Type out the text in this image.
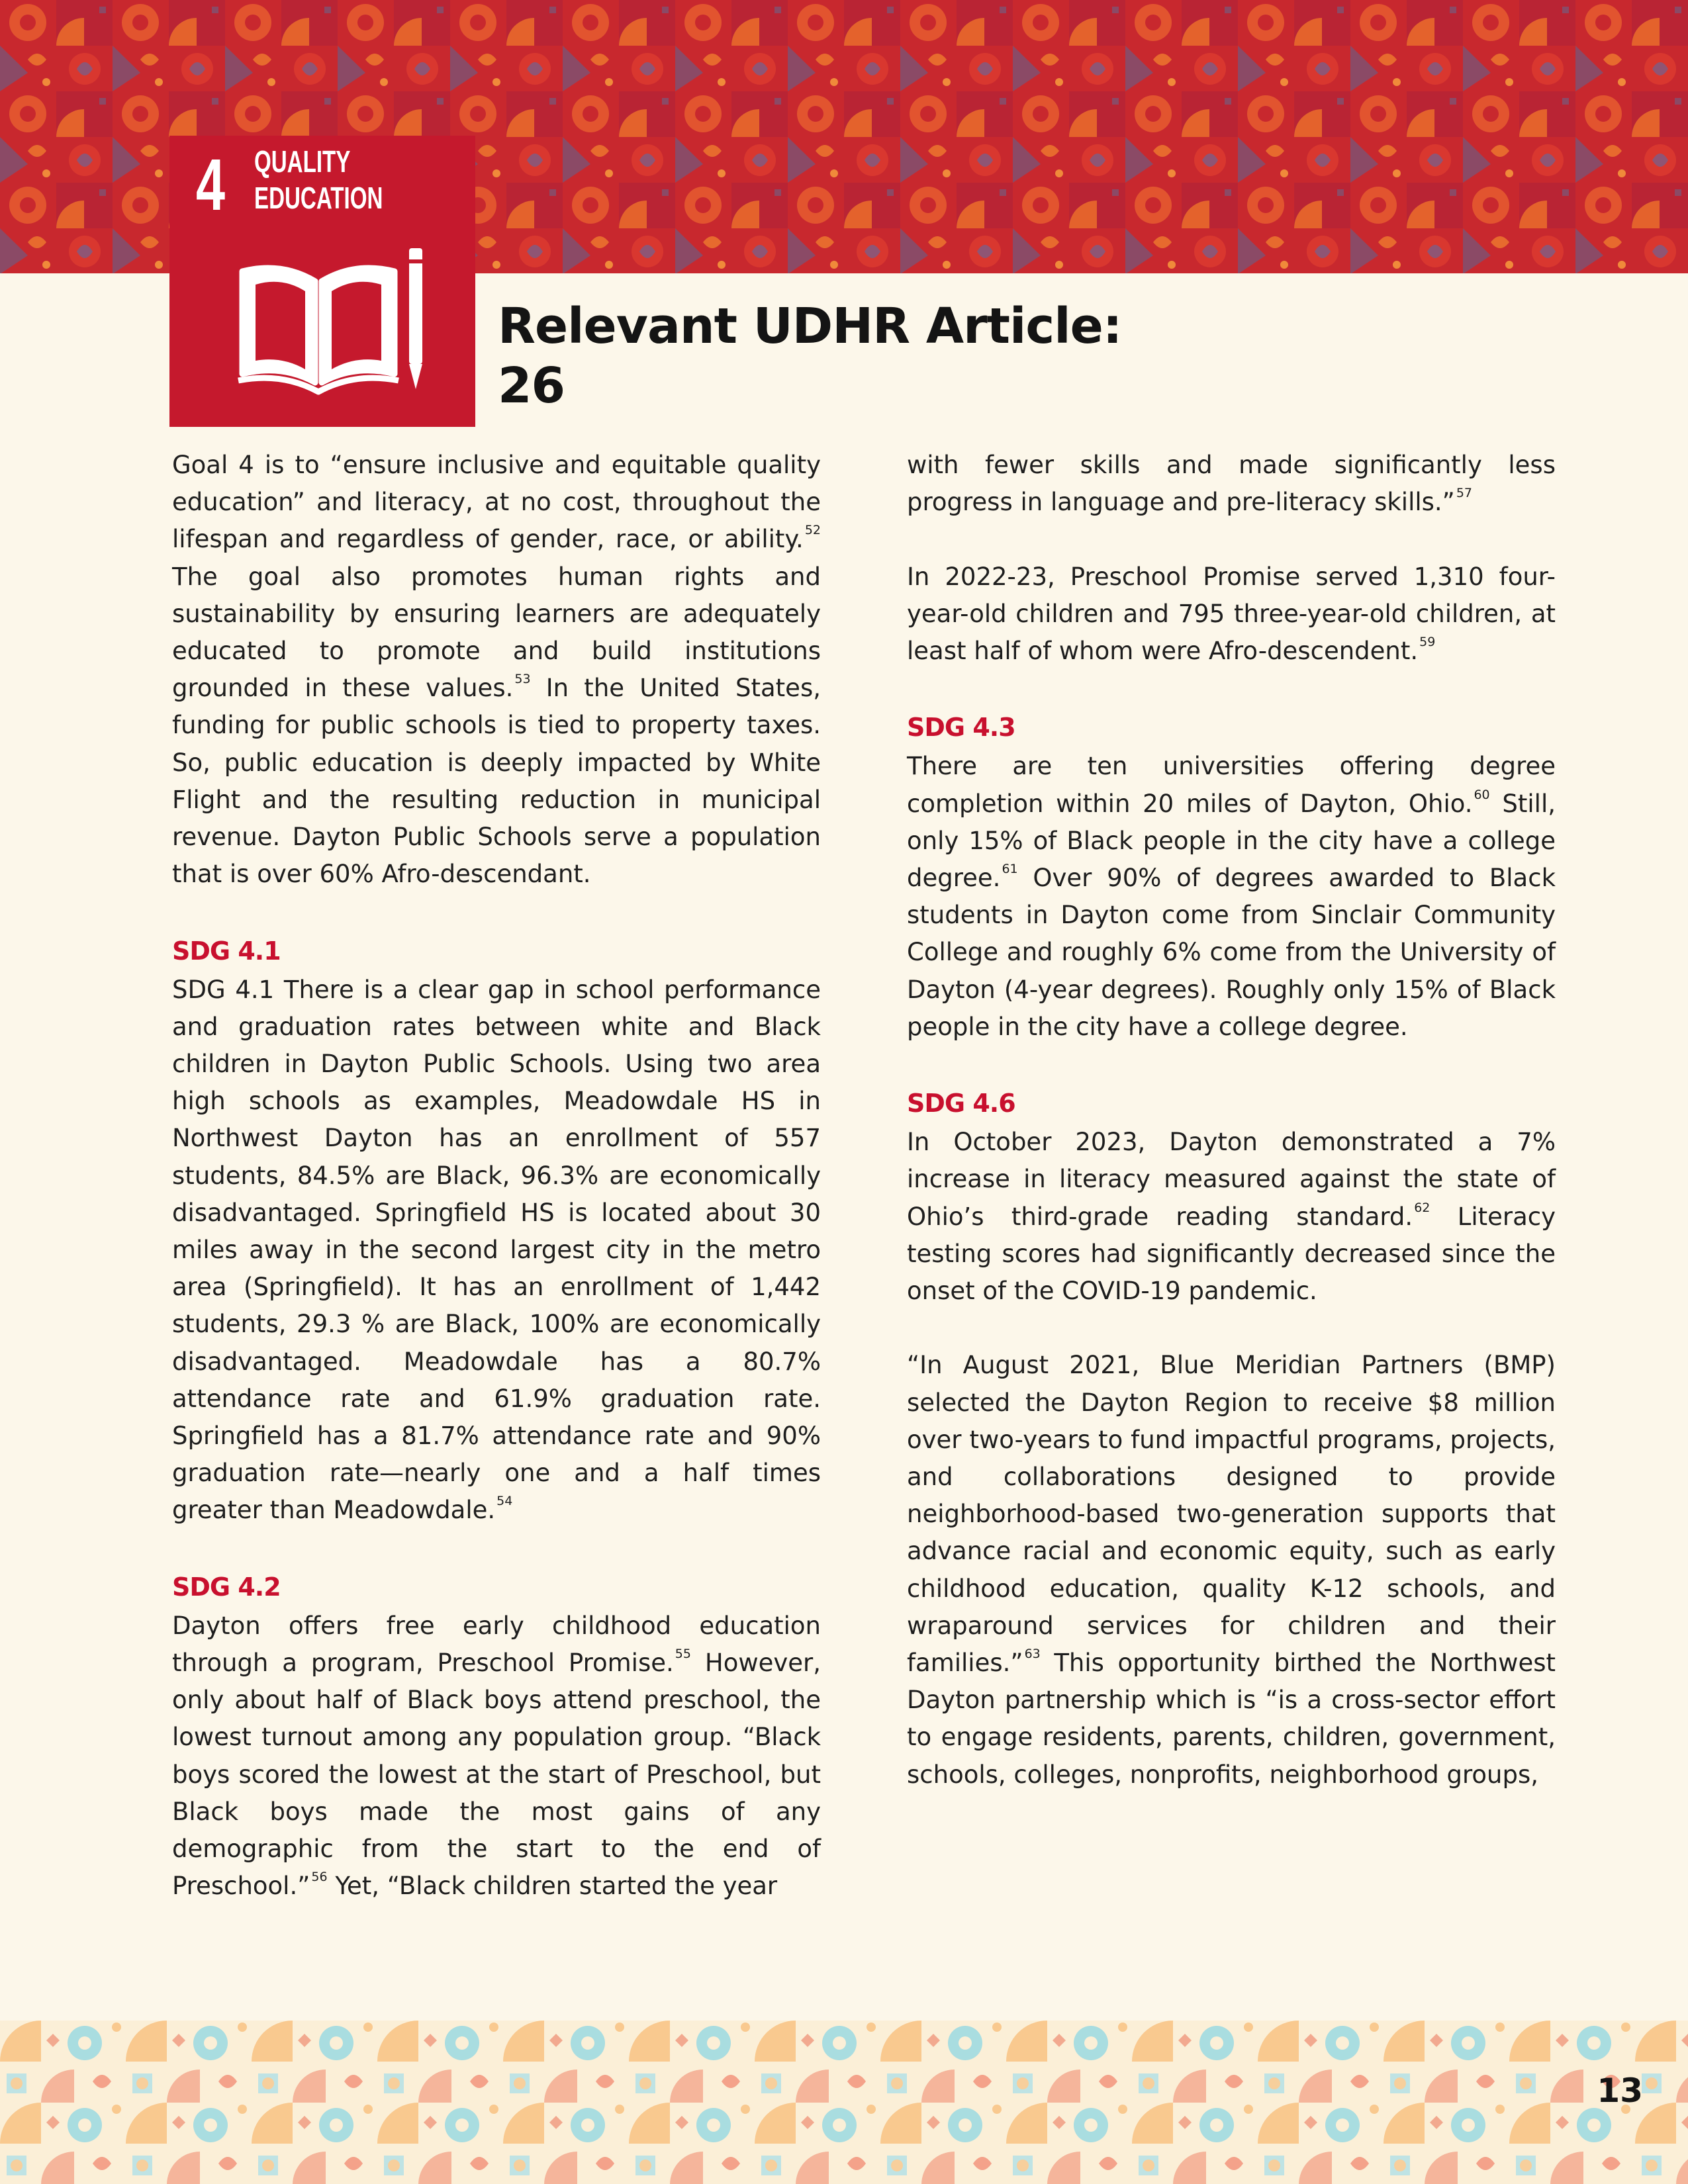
4 QUALITY
EDUCATION
Relevant UDHR Article:
26

Goal 4 is to “ensure inclusive and equitable quality education” and literacy, at no cost, throughout the lifespan and regardless of gender, race, or ability. $^{52}$ The goal also promotes human rights and sustainability by ensuring learners are adequately educated to promote and build institutions grounded in these values. $^{53}$ In the United States, funding for public schools is tied to property taxes. So, public education is deeply impacted by White Flight and the resulting reduction in municipal revenue. Dayton Public Schools serve a population that is over 60% Afro-descendant.

SDG 4.1

SDG 4.1 There is a clear gap in school performance and graduation rates between white and Black children in Dayton Public Schools. Using two area high schools as examples, Meadowdale HS in Northwest Dayton has an enrollment of 557 students, 84.5% are Black, 96.3% are economically disadvantaged. Springfield HS is located about 30 miles away in the second largest city in the metro area (Springfield). It has an enrollment of 1,442 students, 29.3 % are Black, 100% are economically disadvantaged. Meadowdale has a 80.7% attendance rate and 61.9% graduation rate. Springfield has a 81.7% attendance rate and 90% graduation rate—nearly one and a half times greater than Meadowdale. $^{54}$

SDG 4.2

Dayton offers free early childhood education through a program, Preschool Promise. $^{55}$ However, only about half of Black boys attend preschool, the lowest turnout among any population group. “Black boys scored the lowest at the start of Preschool, but Black boys made the most gains of any demographic from the start to the end of Preschool.” $^{56}$ Yet, “Black children started the year

with fewer skills and made significantly less progress in language and pre-literacy skills.” $^{57}$

In 2022-23, Preschool Promise served 1,310 four-year-old children and 795 three-year-old children, at least half of whom were Afro-descendent. $^{59}$

SDG 4.3

There are ten universities offering degree completion within 20 miles of Dayton, Ohio. $^{60}$ Still, only 15% of Black people in the city have a college degree. $^{61}$ Over 90% of degrees awarded to Black students in Dayton come from Sinclair Community College and roughly 6% come from the University of Dayton (4-year degrees). Roughly only 15% of Black people in the city have a college degree.

SDG 4.6

In October 2023, Dayton demonstrated a 7% increase in literacy measured against the state of Ohio’s third-grade reading standard. $^{62}$ Literacy testing scores had significantly decreased since the onset of the COVID-19 pandemic.

“In August 2021, Blue Meridian Partners (BMP) selected the Dayton Region to receive $8 million over two-years to fund impactful programs, projects, and collaborations designed to provide neighborhood-based two-generation supports that advance racial and economic equity, such as early childhood education, quality K-12 schools, and wraparound services for children and their families.” $^{63}$ This opportunity birthed the Northwest Dayton partnership which is “is a cross-sector effort to engage residents, parents, children, government, schools, colleges, nonprofits, neighborhood groups,

13
